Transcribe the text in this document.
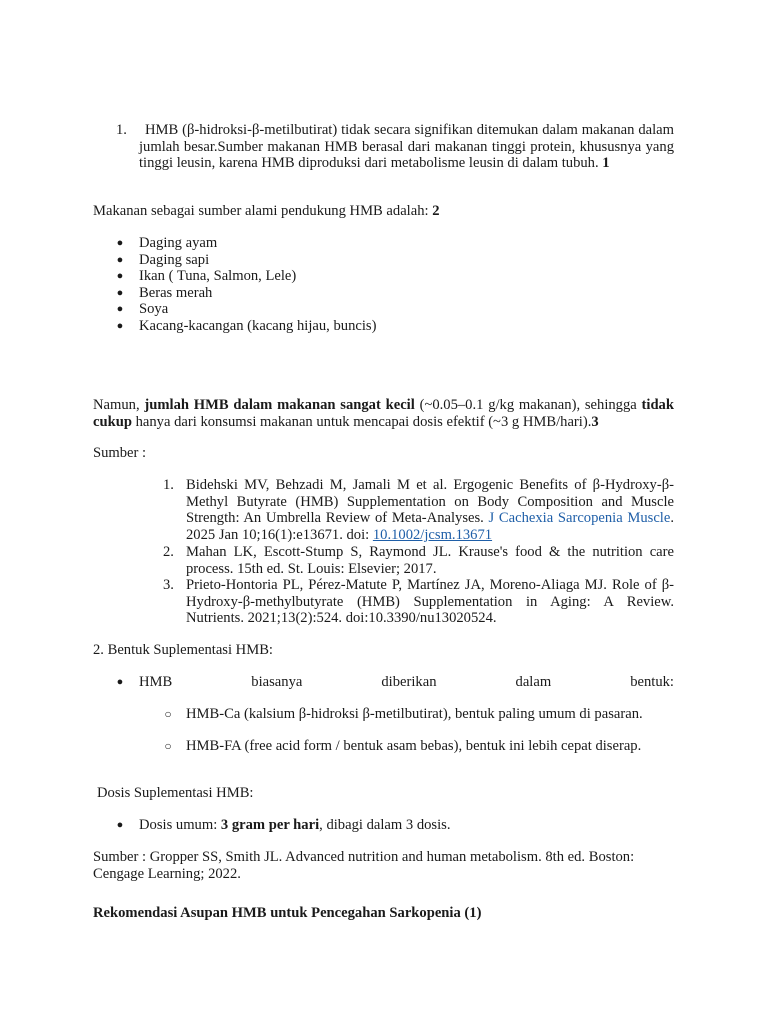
1.	HMB (β-hidroksi-β-metilbutirat) tidak secara signifikan ditemukan dalam makanan dalam jumlah besar.Sumber makanan HMB berasal dari makanan tinggi protein, khususnya yang tinggi leusin, karena HMB diproduksi dari metabolisme leusin di dalam tubuh. 1
Makanan sebagai sumber alami pendukung HMB adalah: 2
● Daging ayam
● Daging sapi
● Ikan ( Tuna, Salmon, Lele)
● Beras merah
● Soya
● Kacang-kacangan (kacang hijau, buncis)
Namun, jumlah HMB dalam makanan sangat kecil (~0.05–0.1 g/kg makanan), sehingga tidak cukup hanya dari konsumsi makanan untuk mencapai dosis efektif (~3 g HMB/hari).3
Sumber :
1. Bidehski MV, Behzadi M, Jamali M et al. Ergogenic Benefits of β-Hydroxy-β-Methyl Butyrate (HMB) Supplementation on Body Composition and Muscle Strength: An Umbrella Review of Meta-Analyses. J Cachexia Sarcopenia Muscle. 2025 Jan 10;16(1):e13671. doi: 10.1002/jcsm.13671
2. Mahan LK, Escott-Stump S, Raymond JL. Krause's food & the nutrition care process. 15th ed. St. Louis: Elsevier; 2017.
3. Prieto-Hontoria PL, Pérez-Matute P, Martínez JA, Moreno-Aliaga MJ. Role of β-Hydroxy-β-methylbutyrate (HMB) Supplementation in Aging: A Review. Nutrients. 2021;13(2):524. doi:10.3390/nu13020524.
2. Bentuk Suplementasi HMB:
● HMB biasanya diberikan dalam bentuk:
○ HMB-Ca (kalsium β-hidroksi β-metilbutirat), bentuk paling umum di pasaran.
○ HMB-FA (free acid form / bentuk asam bebas), bentuk ini lebih cepat diserap.
Dosis Suplementasi HMB:
● Dosis umum: 3 gram per hari, dibagi dalam 3 dosis.
Sumber : Gropper SS, Smith JL. Advanced nutrition and human metabolism. 8th ed. Boston: Cengage Learning; 2022.
Rekomendasi Asupan HMB untuk Pencegahan Sarkopenia (1)
